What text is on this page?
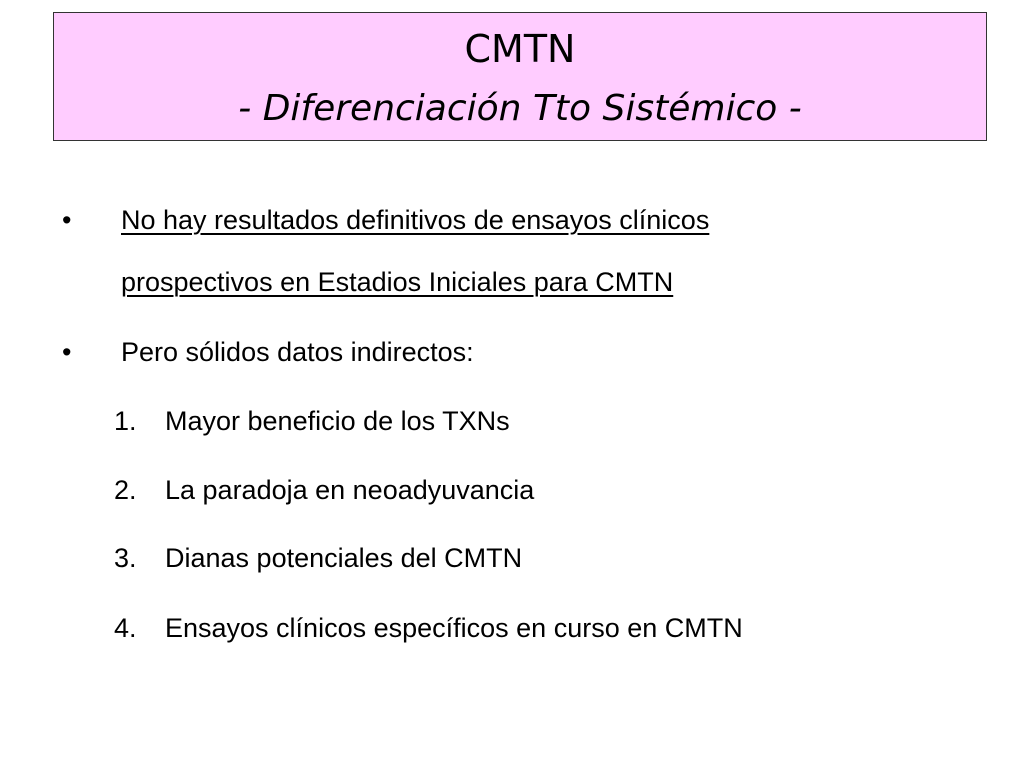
CMTN
- Diferenciación Tto Sistémico -
• No hay resultados definitivos de ensayos clínicos
prospectivos en Estadios Iniciales para CMTN
• Pero sólidos datos indirectos:
1. Mayor beneficio de los TXNs
2. La paradoja en neoadyuvancia
3. Dianas potenciales del CMTN
4. Ensayos clínicos específicos en curso en CMTN
